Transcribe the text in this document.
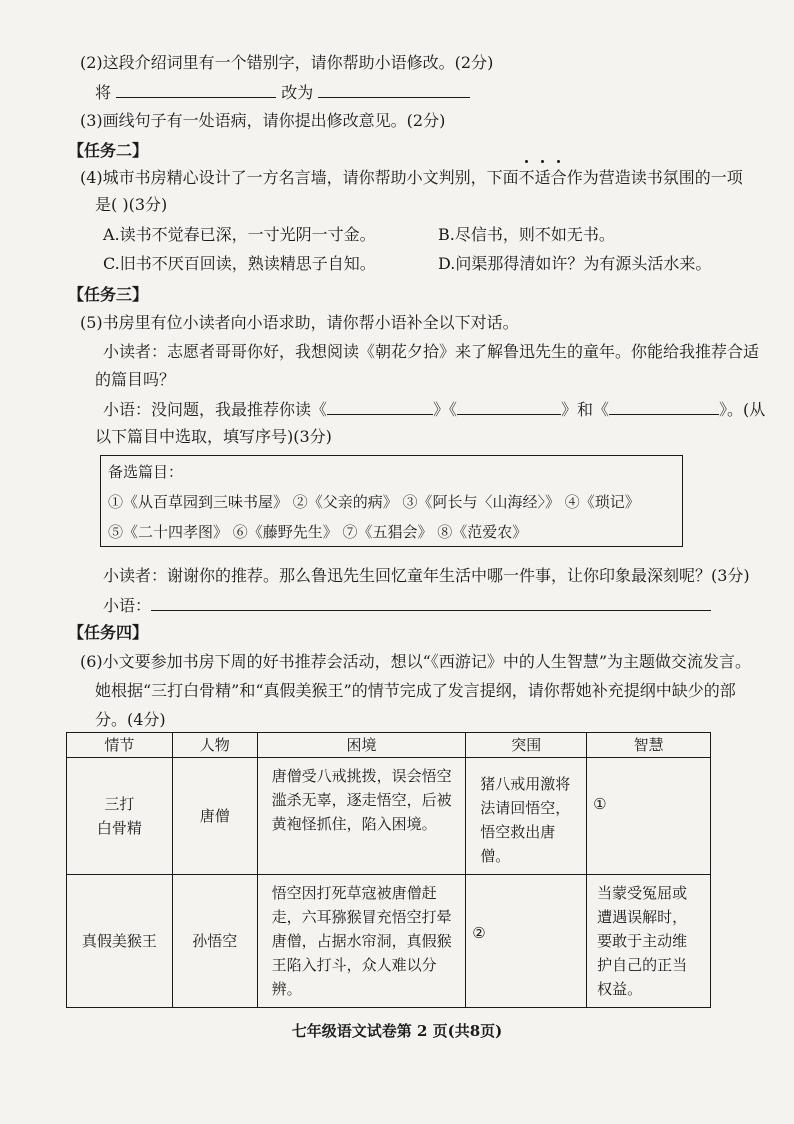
(2)这段介绍词里有一个错别字，请你帮助小语修改。(2分)
将	改为
(3)画线句子有一处语病，请你提出修改意见。(2分)
【任务二】
(4)城市书房精心设计了一方名言墙，请你帮助小文判别，下面不适合
作为营造读书氛围的一项
是( )(3分)
A.读书不觉春已深，一寸光阴一寸金。	B.尽信书，则不如无书。
C.旧书不厌百回读，熟读精思子自知。	D.问渠那得清如许？为有源头活水来。
【任务三】
(5)书房里有位小读者向小语求助，请你帮小语补全以下对话。
小读者：志愿者哥哥你好，我想阅读《朝花夕拾》来了解鲁迅先生的童年。你能给我推荐合适
的篇目吗？
小语：没问题，我最推荐你读《	》《	》和《	》。(从
以下篇目中选取，填写序号)(3分)
备选篇目：
①《从百草园到三味书屋》 ②《父亲的病》 ③《阿长与〈山海经〉》 ④《琐记》
⑤《二十四孝图》 ⑥《藤野先生》 ⑦《五猖会》 ⑧《范爱农》
小读者：谢谢你的推荐。那么鲁迅先生回忆童年生活中哪一件事，让你印象最深刻呢？(3分)
小语：
【任务四】
(6)小文要参加书房下周的好书推荐会活动，想以“《西游记》中的人生智慧”为主题做交流发言。
她根据“三打白骨精”和“真假美猴王”的情节完成了发言提纲，请你帮她补充提纲中缺少的部
分。(4分)
情节	人物	困境	突围	智慧
三打
白骨精	唐僧	唐僧受八戒挑拨，误会悟空滥杀无辜，逐走悟空，后被黄袍怪抓住，陷入困境。	猪八戒用激将法请回悟空，悟空救出唐僧。	①
真假美猴王	孙悟空	悟空因打死草寇被唐僧赶走，六耳猕猴冒充悟空打晕唐僧，占据水帘洞，真假猴王陷入打斗，众人难以分辨。	②	当蒙受冤屈或遭遇误解时，要敢于主动维护自己的正当权益。
七年级语文试卷第 2 页(共8页)
